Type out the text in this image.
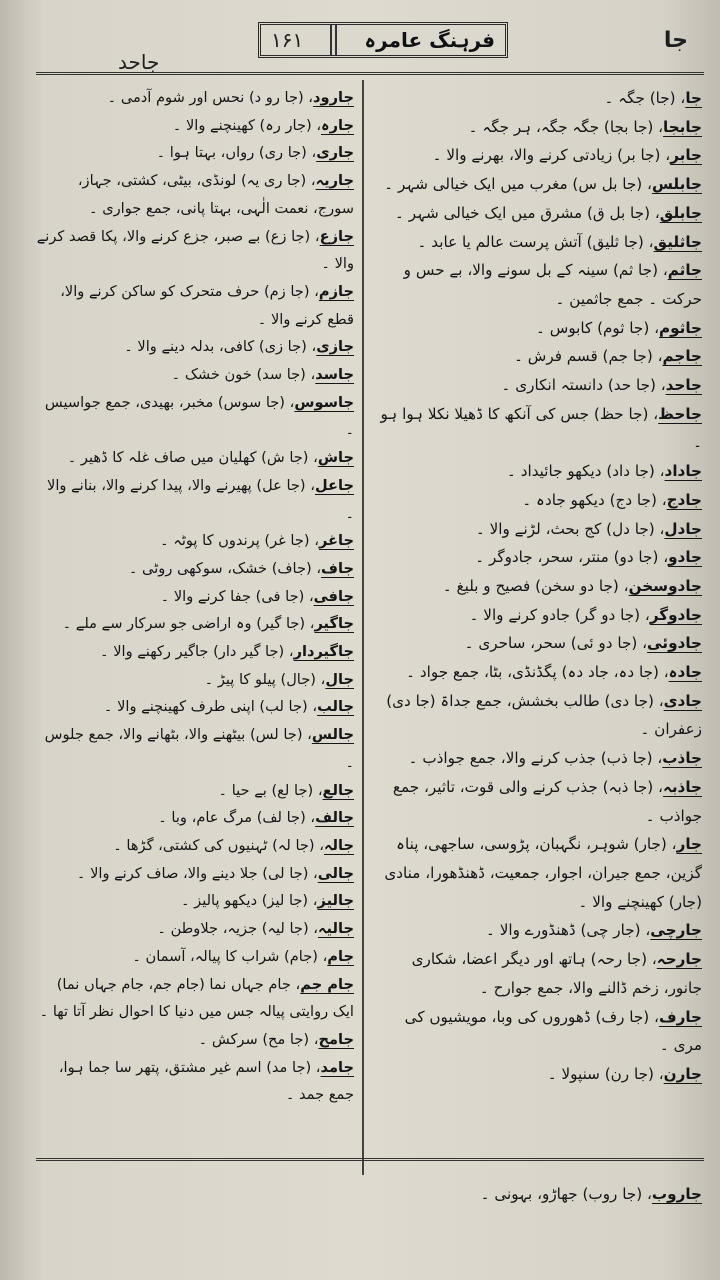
جاحد
۱۶۱	فرہنگ عامرہ	جا

جا، (جا) جگہ ۔

جابجا، (جا بجا) جگہ جگہ، ہر جگہ ۔

جابر، (جا بر) زیادتی کرنے والا، بھرنے والا ۔

جابلس، (جا بل س) مغرب میں ایک خیالی شہر ۔

جابلق، (جا بل ق) مشرق میں ایک خیالی شہر ۔

جاثلیق، (جا ثلیق) آتش پرست عالم یا عابد ۔

جاثم، (جا ثم) سینہ کے بل سونے والا، بے حس و حرکت ۔ جمع جاثمین ۔

جاثوم، (جا ثوم) کابوس ۔

جاجم، (جا جم) قسم فرش ۔

جاحد، (جا حد) دانستہ انکاری ۔

جاحظ، (جا حظ) جس کی آنکھ کا ڈھیلا نکلا ہوا ہو ۔

جاداد، (جا داد) دیکھو جائیداد ۔

جادج، (جا دج) دیکھو جادہ ۔

جادل، (جا دل) کج بحث، لڑنے والا ۔

جادو، (جا دو) منتر، سحر، جادوگر ۔

جادوسخن، (جا دو سخن) فصیح و بلیغ ۔

جادوگر، (جا دو گر) جادو کرنے والا ۔

جادوئی، (جا دو ئی) سحر، ساحری ۔

جادہ، (جا دہ، جاد دہ) پگڈنڈی، بٹا، جمع جواد ۔

جادی، (جا دی) طالب بخشش، جمع جداۃ (جا دی) زعفران ۔

جاذب، (جا ذب) جذب کرنے والا، جمع جواذب ۔

جاذبہ، (جا ذبہ) جذب کرنے والی قوت، تاثیر، جمع جواذب ۔

جار، (جار) شوہر، نگہبان، پڑوسی، ساجھی، پناہ گزین، جمع جیران، اجوار، جمعیت، ڈھنڈھورا، منادی (جار) کھینچنے والا ۔

جارچی، (جار چی) ڈھنڈورے والا ۔

جارحہ، (جا رحہ) ہاتھ اور دیگر اعضا، شکاری جانور، زخم ڈالنے والا، جمع جوارح ۔

جارف، (جا رف) ڈھوروں کی وبا، مویشیوں کی مری ۔

جارن، (جا رن) سنپولا ۔

جارود، (جا رو د) نحس اور شوم آدمی ۔

جارہ، (جار رہ) کھینچنے والا ۔

جاری، (جا ری) رواں، بہتا ہوا ۔

جاریہ، (جا ری یہ) لونڈی، بیٹی، کشتی، جہاز، سورج، نعمت الٰہی، بہتا پانی، جمع جواری ۔

جازع، (جا زع) بے صبر، جزع کرنے والا، پکا قصد کرنے والا ۔

جازم، (جا زم) حرف متحرک کو ساکن کرنے والا، قطع کرنے والا ۔

جازی، (جا زی) کافی، بدلہ دینے والا ۔

جاسد، (جا سد) خون خشک ۔

جاسوس، (جا سوس) مخبر، بھیدی، جمع جواسیس ۔

جاش، (جا ش) کھلیان میں صاف غلہ کا ڈھیر ۔

جاعل، (جا عل) پھیرنے والا، پیدا کرنے والا، بنانے والا ۔

جاغر، (جا غر) پرندوں کا پوٹہ ۔

جاف، (جاف) خشک، سوکھی روٹی ۔

جافی، (جا فی) جفا کرنے والا ۔

جاگیر، (جا گیر) وہ اراضی جو سرکار سے ملے ۔

جاگیردار، (جا گیر دار) جاگیر رکھنے والا ۔

جال، (جال) پیلو کا پیڑ ۔

جالب، (جا لب) اپنی طرف کھینچنے والا ۔

جالس، (جا لس) بیٹھنے والا، بٹھانے والا، جمع جلوس ۔

جالع، (جا لع) بے حیا ۔

جالف، (جا لف) مرگ عام، وبا ۔

جالہ، (جا لہ) ٹہنیوں کی کشتی، گڑھا ۔

جالی، (جا لی) جلا دینے والا، صاف کرنے والا ۔

جالیز، (جا لیز) دیکھو پالیز ۔

جالیہ، (جا لیہ) جزیہ، جلاوطن ۔

جام، (جام) شراب کا پیالہ، آسمان ۔

جام جم، جام جہاں نما (جام جم، جام جہاں نما) ایک روایتی پیالہ جس میں دنیا کا احوال نظر آتا تھا ۔

جامح، (جا مح) سرکش ۔

جامد، (جا مد) اسم غیر مشتق، پتھر سا جما ہوا، جمع جمد ۔

جاروب، (جا روب) جھاڑو، بہونی ۔
